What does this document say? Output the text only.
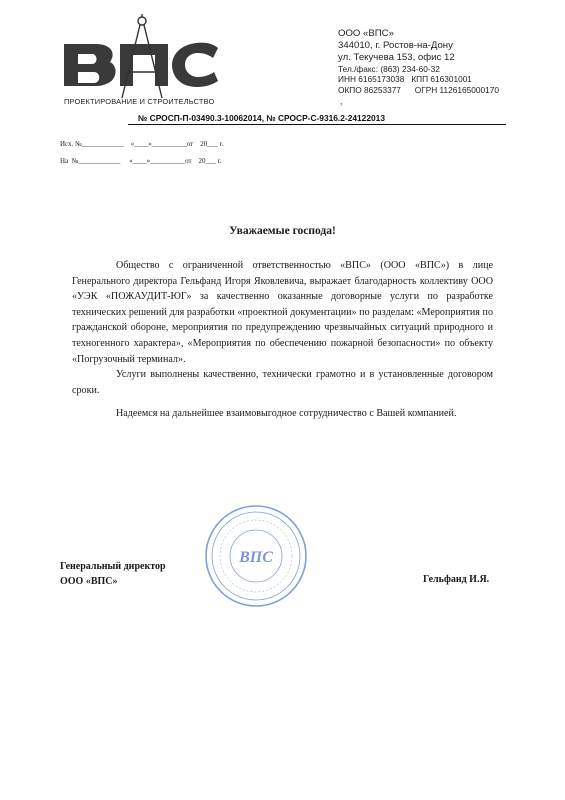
ПРОЕКТИРОВАНИЕ И СТРОИТЕЛЬСТВО
ООО «ВПС»
344010, г. Ростов-на-Дону
ул. Текучева 153, офис 12
Тел./факс: (863) 234-60-32
ИНН 6165173038 КПП 616301001
ОКПО 86253377 ОГРН 1126165000170
,
№ СРОСП-П-03490.3-10062014, № СРОСР-С-9316.2-24122013
Исх. №____________    «____»__________от    20___ г.
На  №____________     «____»__________от    20___ г.
Уважаемые господа!

Общество с ограниченной ответственностью «ВПС» (ООО «ВПС») в лице Генерального директора Гельфанд Игоря Яковлевича, выражает благодарность коллективу ООО «УЭК «ПОЖАУДИТ-ЮГ» за качественно оказанные договорные услуги по разработке технических решений для разработки «проектной документации» по разделам: «Мероприятия по гражданской обороне, мероприятия по предупреждению чрезвычайных ситуаций природного и техногенного характера», «Мероприятия по обеспечению пожарной безопасности» по объекту «Погрузочный терминал».

Услуги выполнены качественно, технически грамотно и в установленные договором сроки.

Надеемся на дальнейшее взаимовыгодное сотрудничество с Вашей компанией.

ВПС
Генеральный директор
ООО «ВПС»	Гельфанд И.Я.
